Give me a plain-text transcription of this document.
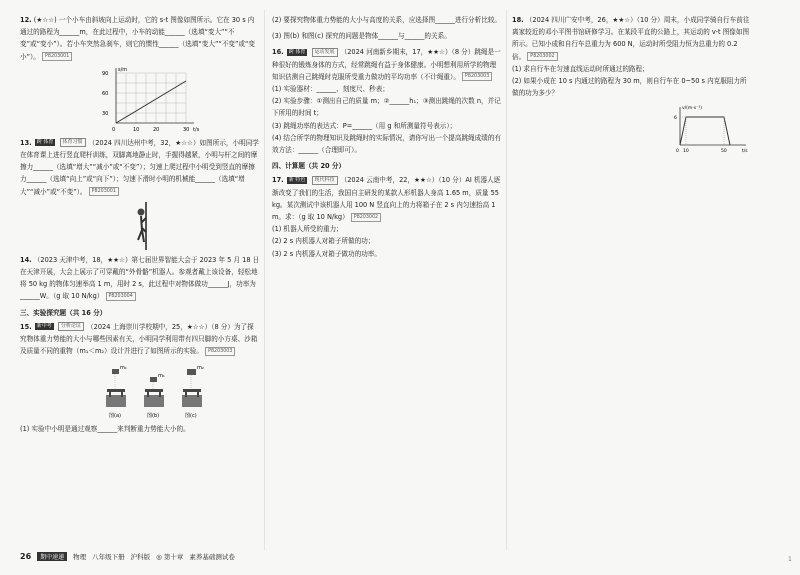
12. (★☆☆) 一个小车由斜坡向上运动时，它的 s-t 图像如图所示。它在 30 s 内通过的路程为______m，在此过程中，小车的动能______（选填“变大”“不变”或“变小”）。若小车突然急刹车，则它的惯性______（选填“变大”“不变”或“变小”）。 P8203001
s/m
t/s
0	10	20	30
30
60
90
13. 跨 体育 体育习惯 （2024 四川达州中考，32，★☆☆）如图所示，小明同学在体育课上进行竖直爬杆训练，双脚离地静止时，手握得越紧，小明与杆之间的摩擦力______（选填“增大”“减小”或“不变”）；匀速上爬过程中小明受到竖直的摩擦力______（选填“向上”或“向下”）；匀速下滑时小明的机械能______（选填“增大”“减小”或“不变”）。 P8203001
14. （2023 天津中考，18，★★☆）第七届世界智能大会于 2023 年 5 月 18 日在天津开展，大会上展示了可穿戴的“外骨骼”机器人。参观者戴上该设备，轻松地将 50 kg 的物体匀速举高 1 m，用时 2 s，此过程中对物体做功______J，功率为______W。（g 取 10 N/kg） P8203004
三、实验探究题（共 16 分）
15. 新中考 分析论证 （2024 上海崇川学校期中，25，★☆☆）（8 分）为了探究物体重力势能的大小与哪些因素有关，小明同学利用带有四只脚的小方桌、沙箱及质量不同的重物（m₁＜m₂）设计并进行了如图所示的实验。 P8203003
m₁
m₁
m₂
图(a)	图(b)	图(c)
(1) 实验中小明是通过观察______来判断重力势能大小的。
(2) 要探究物体重力势能的大小与高度的关系，应选择图______进行分析比较。
(3) 图(b) 和图(c) 探究的问题是物体______与______的关系。
16. 跨 体育 运动发展 （2024 河南新乡期末，17，★★☆）（8 分）跳绳是一种很好的锻炼身体的方式，经常跳绳有益于身体健康。小明想利用所学的物理知识估测自己跳绳时克服所受重力做功的平均功率（不计绳重）。 P8203003
(1) 实验器材：______、刻度尺、秒表；
(2) 实验步骤：①测出自己的质量 m；②______h₁；③测出跳绳的次数 n，并记下所用的时间 t；
(3) 跳绳功率的表达式：P=______（用 g 和所测量符号表示）；
(4) 结合所学的物理知识及跳绳时的实际情况，请你写出一个提高跳绳成绩的有效方法：______（合理即可）。
四、计算题（共 20 分）
17. 新 特色 现代科技 （2024 云南中考，22，★★☆）（10 分）AI 机器人逐渐改变了我们的生活，我国自主研发的某款人形机器人身高 1.65 m，质量 55 kg。某次测试中该机器人用 100 N 竖直向上的力将箱子在 2 s 内匀速抬高 1 m。求：（g 取 10 N/kg） P8203002
(1) 机器人所受的重力；
(2) 2 s 内机器人对箱子所做的功；
(3) 2 s 内机器人对箱子做功的功率。
18. （2024 四川广安中考，26，★★☆）（10 分）周末，小成同学骑自行车前往离家较近的邓小平图书馆研修学习。在某段平直的公路上，其运动的 v-t 图像如图所示。已知小成和自行车总重力为 600 N，运动时所受阻力恒为总重力的 0.2 倍。 P8203002
(1) 求自行车在匀速直线运动时所通过的路程；
(2) 如果小成在 10 s 内通过的路程为 30 m，则自行车在 0~50 s 内克服阻力所做的功为多少？
v/(m·s⁻¹)
t/s
0 10	50
6
26	期中速递	物理 八年级下册 沪科版 ◎ 第十章 素养基础测试卷	1
